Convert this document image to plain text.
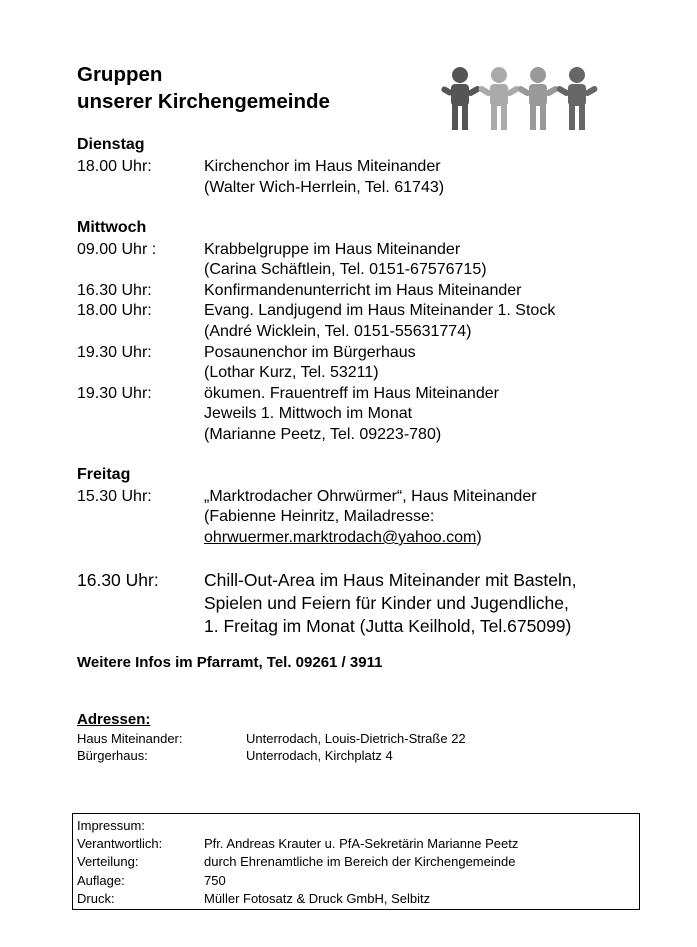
Gruppen
unserer Kirchengemeinde
Dienstag
18.00 Uhr:	Kirchenchor im Haus Miteinander
(Walter Wich-Herrlein, Tel. 61743)
Mittwoch
09.00 Uhr :	Krabbelgruppe im Haus Miteinander
(Carina Schäftlein, Tel. 0151-67576715)
16.30 Uhr:	Konfirmandenunterricht im Haus Miteinander
18.00 Uhr:	Evang. Landjugend im Haus Miteinander 1. Stock
(André Wicklein, Tel. 0151-55631774)
19.30 Uhr:	Posaunenchor im Bürgerhaus
(Lothar Kurz, Tel. 53211)
19.30 Uhr:	ökumen. Frauentreff im Haus Miteinander
Jeweils 1. Mittwoch im Monat
(Marianne Peetz, Tel. 09223-780)
Freitag
15.30 Uhr:	„Marktrodacher Ohrwürmer“, Haus Miteinander
(Fabienne Heinritz, Mailadresse:
ohrwuermer.marktrodach@yahoo.com)
16.30 Uhr:	Chill-Out-Area im Haus Miteinander mit Basteln,
Spielen und Feiern für Kinder und Jugendliche,
1. Freitag im Monat (Jutta Keilhold, Tel.675099)
Weitere Infos im Pfarramt, Tel. 09261 / 3911
Adressen:
Haus Miteinander:	Unterrodach, Louis-Dietrich-Straße 22
Bürgerhaus:	Unterrodach, Kirchplatz 4
Impressum:
Verantwortlich:	Pfr. Andreas Krauter u. PfA-Sekretärin Marianne Peetz
Verteilung:	durch Ehrenamtliche im Bereich der Kirchengemeinde
Auflage:	750
Druck:	Müller Fotosatz & Druck GmbH, Selbitz
